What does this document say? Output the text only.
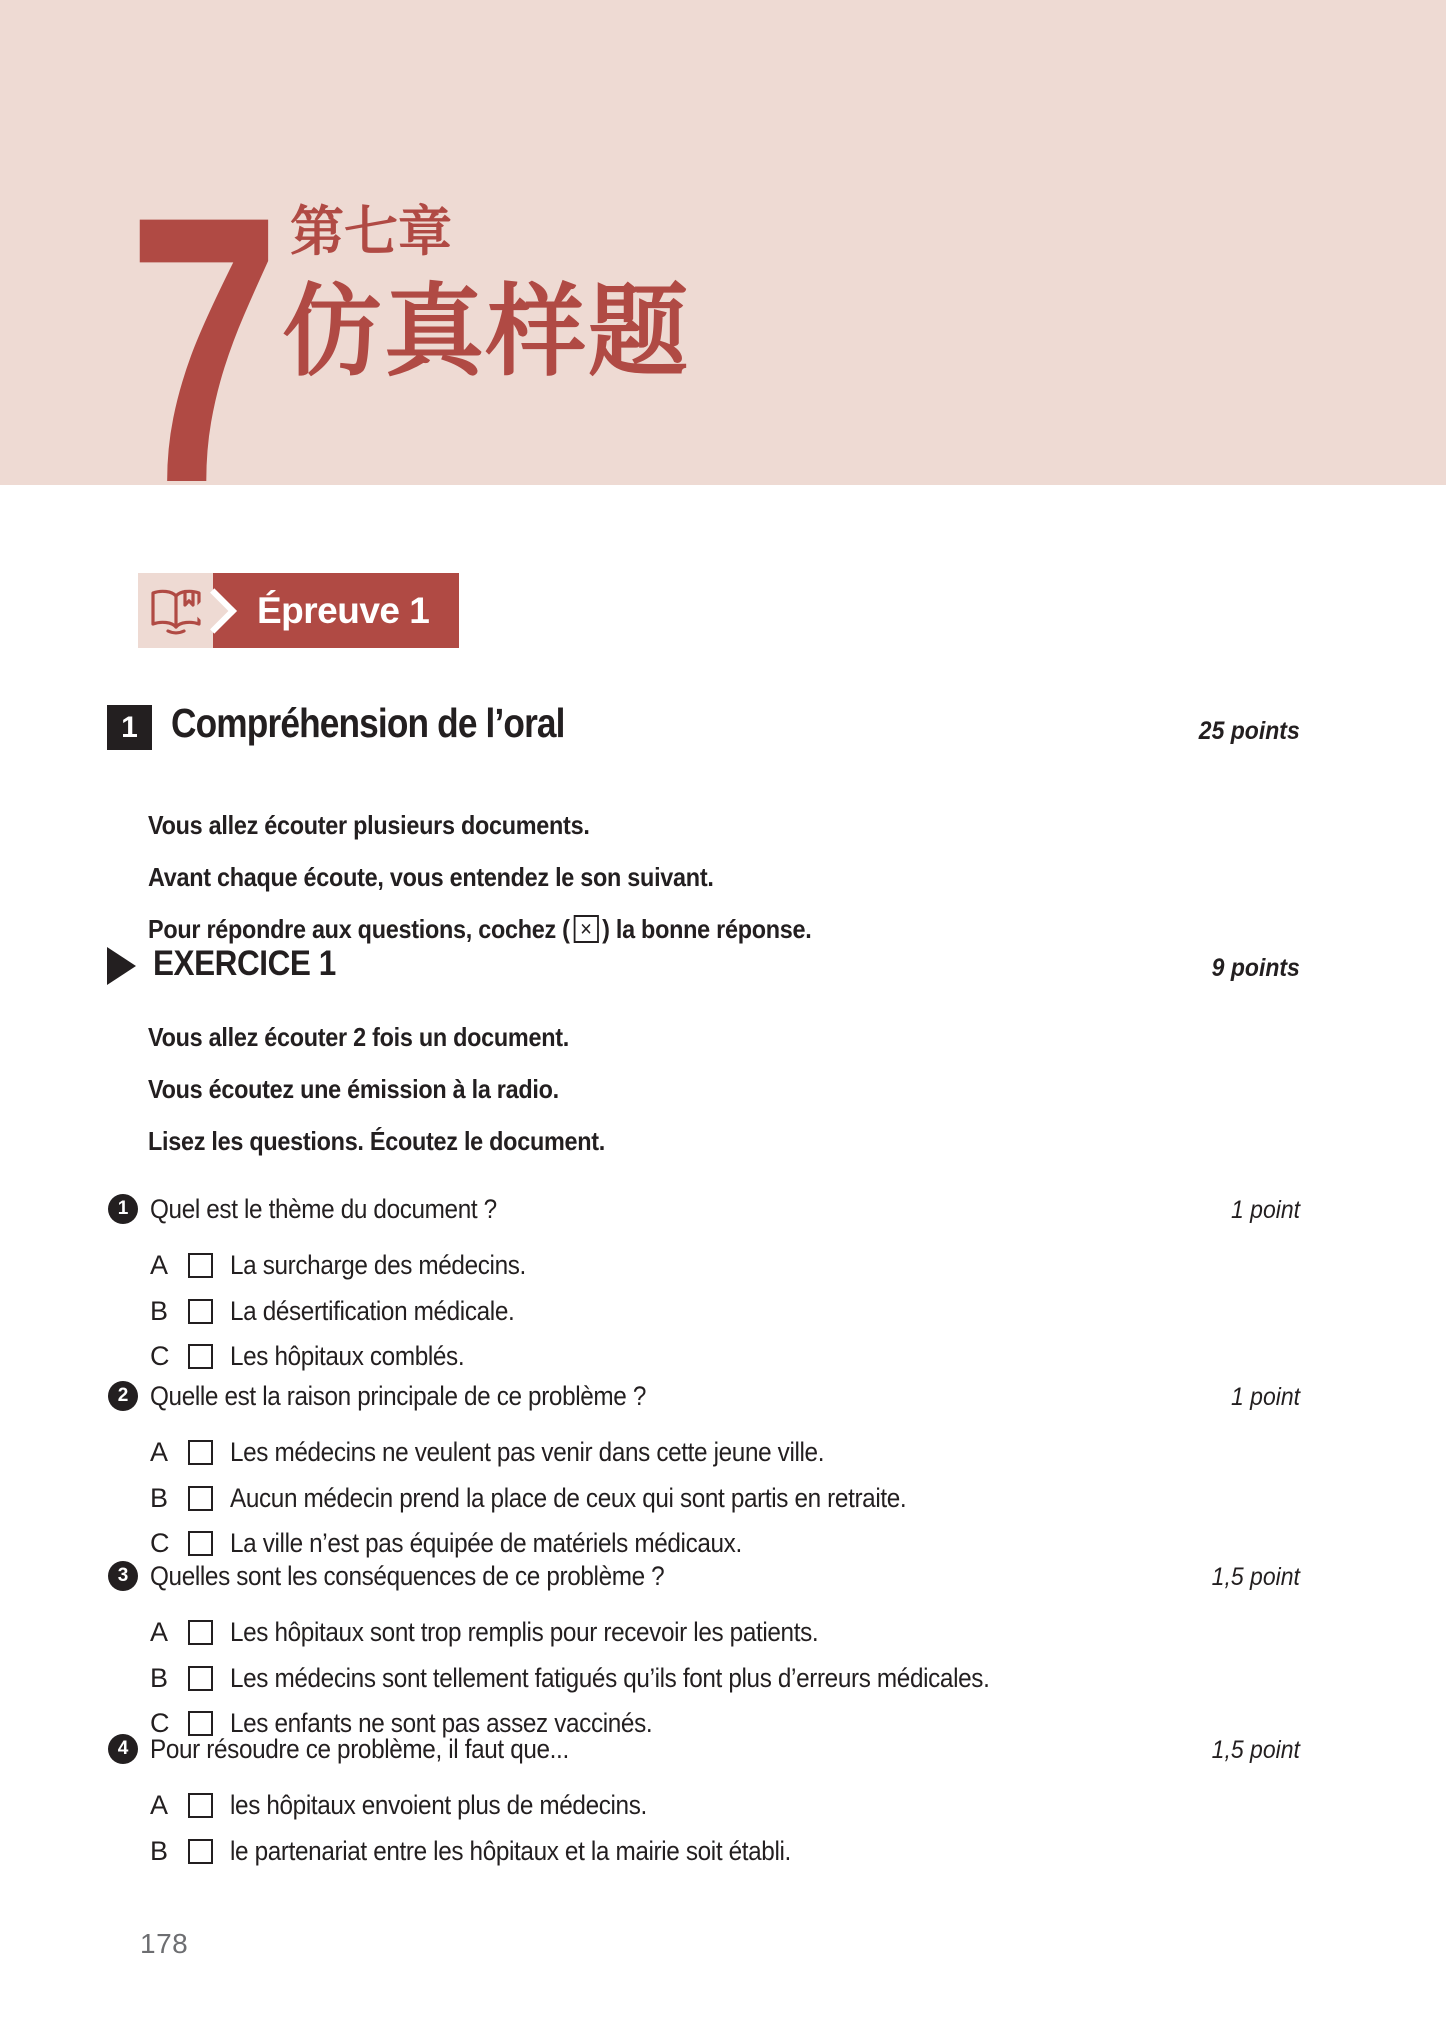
7 第七章
仿真样题
Épreuve 1
1 Compréhension de l’oral	25 points
Vous allez écouter plusieurs documents.
Avant chaque écoute, vous entendez le son suivant.
Pour répondre aux questions, cochez ( ✕ ) la bonne réponse.
EXERCICE 1	9 points
Vous allez écouter 2 fois un document.
Vous écoutez une émission à la radio.
Lisez les questions. Écoutez le document.
1 Quel est le thème du document ?	1 point
A La surcharge des médecins.
B La désertification médicale.
C Les hôpitaux comblés.
2 Quelle est la raison principale de ce problème ?	1 point
A Les médecins ne veulent pas venir dans cette jeune ville.
B Aucun médecin prend la place de ceux qui sont partis en retraite.
C La ville n’est pas équipée de matériels médicaux.
3 Quelles sont les conséquences de ce problème ?	1,5 point
A Les hôpitaux sont trop remplis pour recevoir les patients.
B Les médecins sont tellement fatigués qu’ils font plus d’erreurs médicales.
C Les enfants ne sont pas assez vaccinés.
4 Pour résoudre ce problème, il faut que...	1,5 point
A les hôpitaux envoient plus de médecins.
B le partenariat entre les hôpitaux et la mairie soit établi.
178
